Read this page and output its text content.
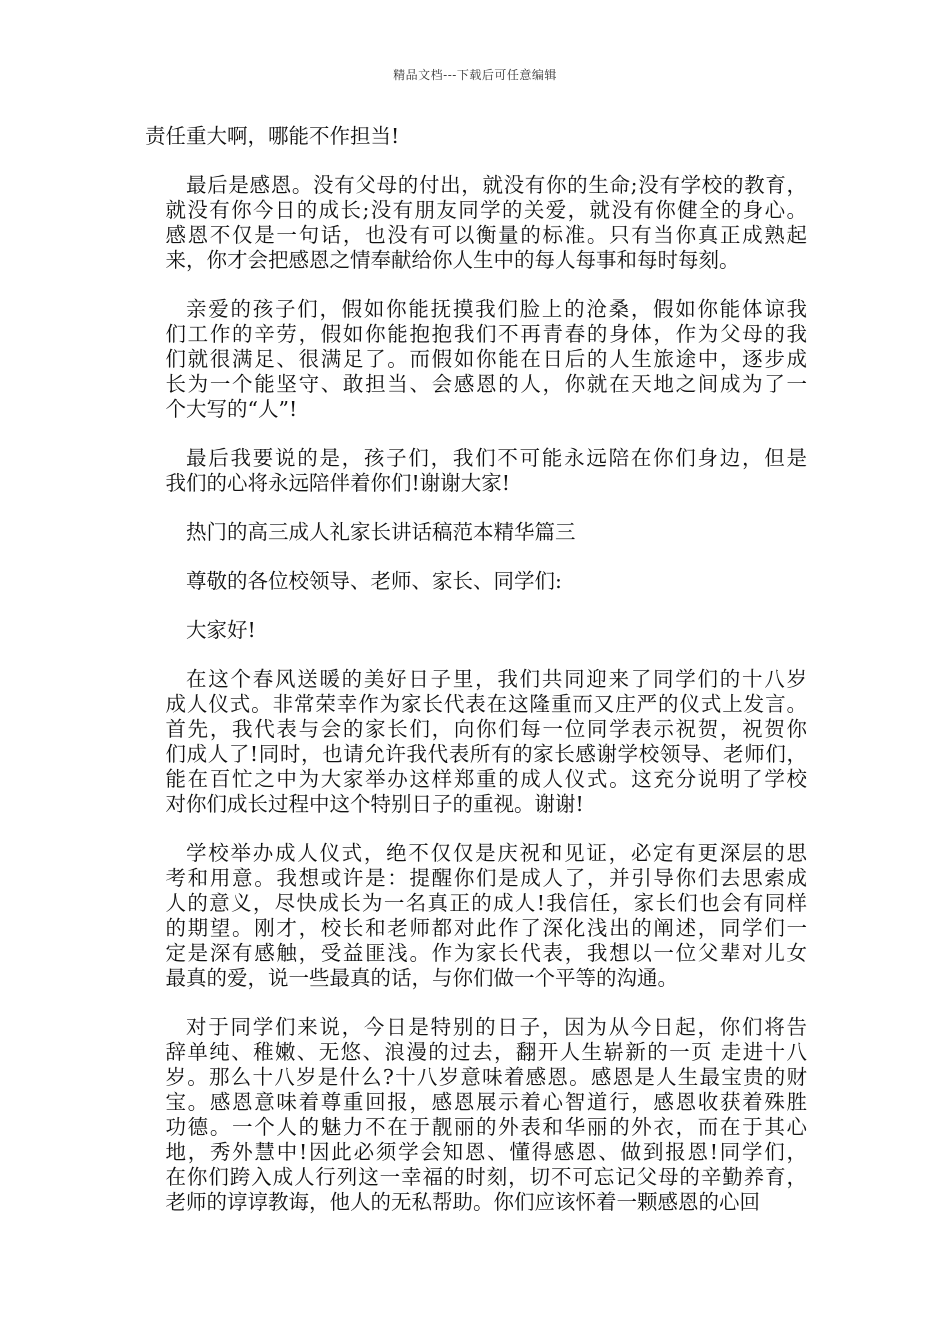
精品文档---下载后可任意编辑
责任重大啊，哪能不作担当!
最后是感恩。没有父母的付出，就没有你的生命;没有学校的教育，
就没有你今日的成长;没有朋友同学的关爱，就没有你健全的身心。
感恩不仅是一句话，也没有可以衡量的标准。只有当你真正成熟起
来，你才会把感恩之情奉献给你人生中的每人每事和每时每刻。
亲爱的孩子们，假如你能抚摸我们脸上的沧桑，假如你能体谅我
们工作的辛劳，假如你能抱抱我们不再青春的身体，作为父母的我
们就很满足、很满足了。而假如你能在日后的人生旅途中，逐步成
长为一个能坚守、敢担当、会感恩的人，你就在天地之间成为了一
个大写的“人”!
最后我要说的是，孩子们，我们不可能永远陪在你们身边，但是
我们的心将永远陪伴着你们!谢谢大家!
热门的高三成人礼家长讲话稿范本精华篇三
尊敬的各位校领导、老师、家长、同学们:
大家好!
在这个春风送暖的美好日子里，我们共同迎来了同学们的十八岁
成人仪式。非常荣幸作为家长代表在这隆重而又庄严的仪式上发言。
首先，我代表与会的家长们，向你们每一位同学表示祝贺，祝贺你
们成人了!同时，也请允许我代表所有的家长感谢学校领导、老师们，
能在百忙之中为大家举办这样郑重的成人仪式。这充分说明了学校
对你们成长过程中这个特别日子的重视。谢谢!
学校举办成人仪式，绝不仅仅是庆祝和见证，必定有更深层的思
考和用意。我想或许是：提醒你们是成人了，并引导你们去思索成
人的意义，尽快成长为一名真正的成人!我信任，家长们也会有同样
的期望。刚才，校长和老师都对此作了深化浅出的阐述，同学们一
定是深有感触，受益匪浅。作为家长代表，我想以一位父辈对儿女
最真的爱，说一些最真的话，与你们做一个平等的沟通。
对于同学们来说，今日是特别的日子，因为从今日起，你们将告
辞单纯、稚嫩、无悠、浪漫的过去，翻开人生崭新的一页 走进十八
岁。那么十八岁是什么?十八岁意味着感恩。感恩是人生最宝贵的财
宝。感恩意味着尊重回报，感恩展示着心智道行，感恩收获着殊胜
功德。一个人的魅力不在于靓丽的外表和华丽的外衣，而在于其心
地，秀外慧中!因此必须学会知恩、懂得感恩、做到报恩!同学们，
在你们跨入成人行列这一幸福的时刻，切不可忘记父母的辛勤养育，
老师的谆谆教诲，他人的无私帮助。你们应该怀着一颗感恩的心回
